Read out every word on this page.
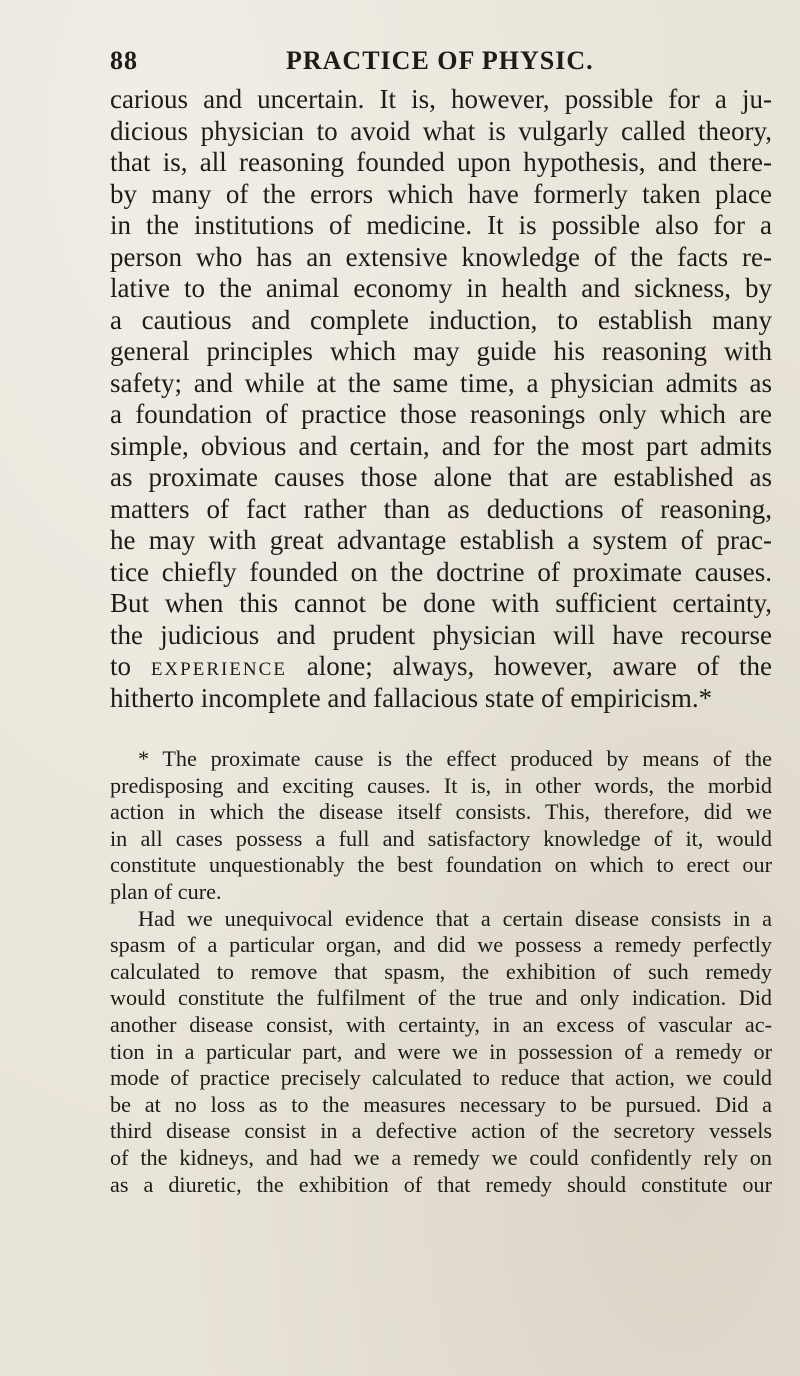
88	PRACTICE OF PHYSIC.
carious and uncertain. It is, however, possible for a ju-
dicious physician to avoid what is vulgarly called theory,
that is, all reasoning founded upon hypothesis, and there-
by many of the errors which have formerly taken place
in the institutions of medicine. It is possible also for a
person who has an extensive knowledge of the facts re-
lative to the animal economy in health and sickness, by
a cautious and complete induction, to establish many
general principles which may guide his reasoning with
safety; and while at the same time, a physician admits as
a foundation of practice those reasonings only which are
simple, obvious and certain, and for the most part admits
as proximate causes those alone that are established as
matters of fact rather than as deductions of reasoning,
he may with great advantage establish a system of prac-
tice chiefly founded on the doctrine of proximate causes.
But when this cannot be done with sufficient certainty,
the judicious and prudent physician will have recourse
to experience alone; always, however, aware of the
hitherto incomplete and fallacious state of empiricism.*
* The proximate cause is the effect produced by means of the
predisposing and exciting causes. It is, in other words, the morbid
action in which the disease itself consists. This, therefore, did we
in all cases possess a full and satisfactory knowledge of it, would
constitute unquestionably the best foundation on which to erect our
plan of cure.
Had we unequivocal evidence that a certain disease consists in a
spasm of a particular organ, and did we possess a remedy perfectly
calculated to remove that spasm, the exhibition of such remedy
would constitute the fulfilment of the true and only indication. Did
another disease consist, with certainty, in an excess of vascular ac-
tion in a particular part, and were we in possession of a remedy or
mode of practice precisely calculated to reduce that action, we could
be at no loss as to the measures necessary to be pursued. Did a
third disease consist in a defective action of the secretory vessels
of the kidneys, and had we a remedy we could confidently rely on
as a diuretic, the exhibition of that remedy should constitute our
